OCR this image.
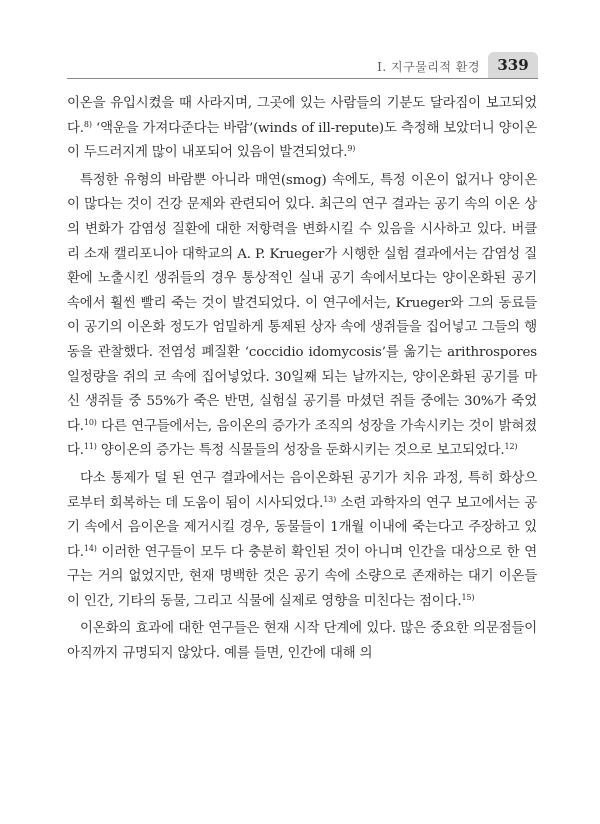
I. 지구물리적 환경	339

이온을 유입시켰을 때 사라지며, 그곳에 있는 사람들의 기분도 달라짐이 보고되었다.$^{8)}$ ‘액운을 가져다준다는 바람’(winds of ill-repute)도 측정해 보았더니 양이온이 두드러지게 많이 내포되어 있음이 발견되었다.$^{9)}$

특정한 유형의 바람뿐 아니라 매연(smog) 속에도, 특정 이온이 없거나 양이온이 많다는 것이 건강 문제와 관련되어 있다. 최근의 연구 결과는 공기 속의 이온 상의 변화가 감염성 질환에 대한 저항력을 변화시킬 수 있음을 시사하고 있다. 버클리 소재 캘리포니아 대학교의 A. P. Krueger가 시행한 실험 결과에서는 감염성 질환에 노출시킨 생쥐들의 경우 통상적인 실내 공기 속에서보다는 양이온화된 공기 속에서 훨씬 빨리 죽는 것이 발견되었다. 이 연구에서는, Krueger와 그의 동료들이 공기의 이온화 정도가 엄밀하게 통제된 상자 속에 생쥐들을 집어넣고 그들의 행동을 관찰했다. 전염성 폐질환 ‘coccidio idomycosis’를 옮기는 arithrospores 일정량을 쥐의 코 속에 집어넣었다. 30일째 되는 날까지는, 양이온화된 공기를 마신 생쥐들 중 55%가 죽은 반면, 실험실 공기를 마셨던 쥐들 중에는 30%가 죽었다.$^{10)}$ 다른 연구들에서는, 음이온의 증가가 조직의 성장을 가속시키는 것이 밝혀졌다.$^{11)}$ 양이온의 증가는 특정 식물들의 성장을 둔화시키는 것으로 보고되었다.$^{12)}$

다소 통제가 덜 된 연구 결과에서는 음이온화된 공기가 치유 과정, 특히 화상으로부터 회복하는 데 도움이 됨이 시사되었다.$^{13)}$ 소련 과학자의 연구 보고에서는 공기 속에서 음이온을 제거시킬 경우, 동물들이 1개월 이내에 죽는다고 주장하고 있다.$^{14)}$ 이러한 연구들이 모두 다 충분히 확인된 것이 아니며 인간을 대상으로 한 연구는 거의 없었지만, 현재 명백한 것은 공기 속에 소량으로 존재하는 대기 이온들이 인간, 기타의 동물, 그리고 식물에 실제로 영향을 미친다는 점이다.$^{15)}$

이온화의 효과에 대한 연구들은 현재 시작 단계에 있다. 많은 중요한 의문점들이 아직까지 규명되지 않았다. 예를 들면, 인간에 대해 의
